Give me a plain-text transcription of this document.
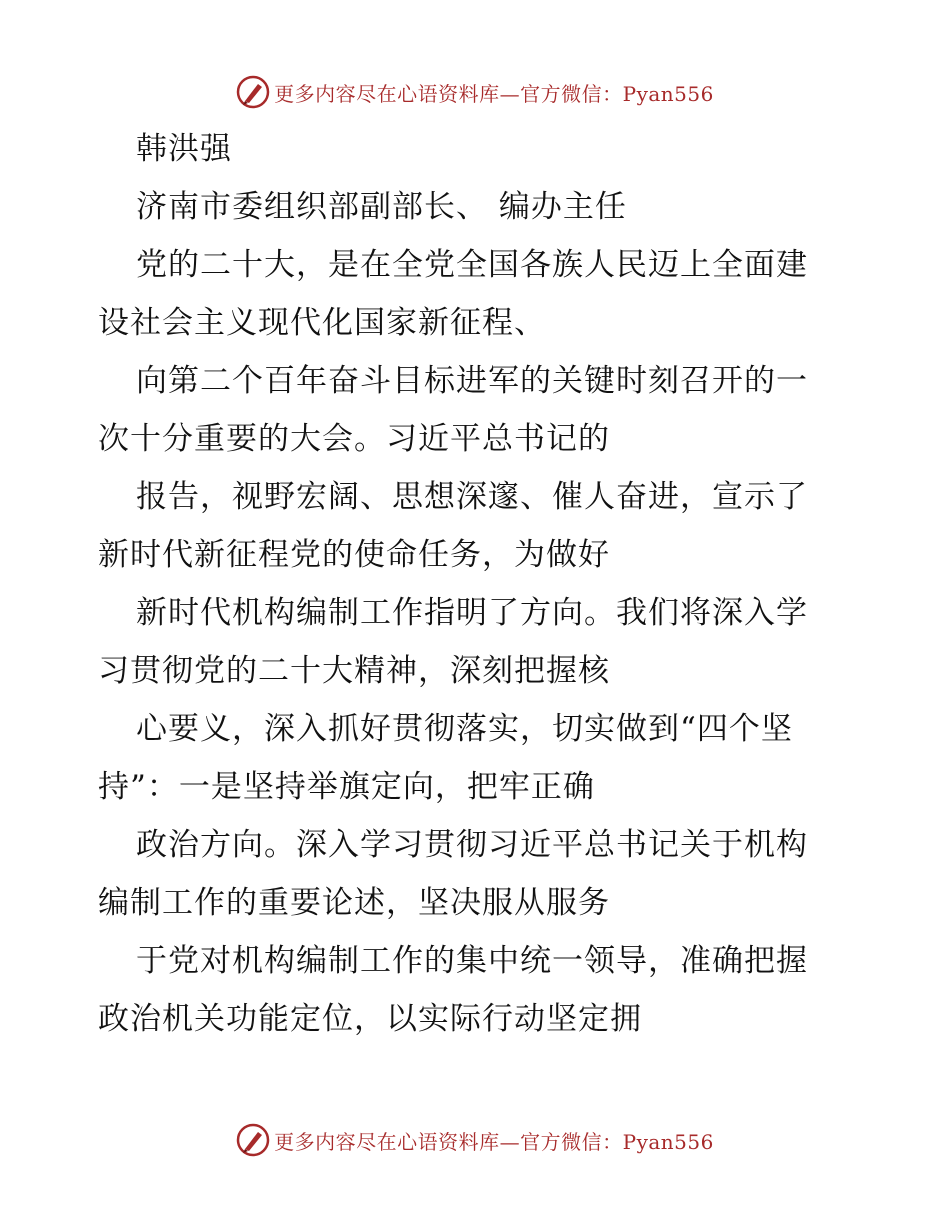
更多内容尽在心语资料库—官方微信：Pyan556
韩洪强
济南市委组织部副部长、 编办主任
党的二十大，是在全党全国各族人民迈上全面建
设社会主义现代化国家新征程、
向第二个百年奋斗目标进军的关键时刻召开的一
次十分重要的大会。习近平总书记的
报告，视野宏阔、思想深邃、催人奋进，宣示了
新时代新征程党的使命任务，为做好
新时代机构编制工作指明了方向。我们将深入学
习贯彻党的二十大精神，深刻把握核
心要义，深入抓好贯彻落实，切实做到“四个坚
持”：一是坚持举旗定向，把牢正确
政治方向。深入学习贯彻习近平总书记关于机构
编制工作的重要论述，坚决服从服务
于党对机构编制工作的集中统一领导，准确把握
政治机关功能定位，以实际行动坚定拥
更多内容尽在心语资料库—官方微信：Pyan556
